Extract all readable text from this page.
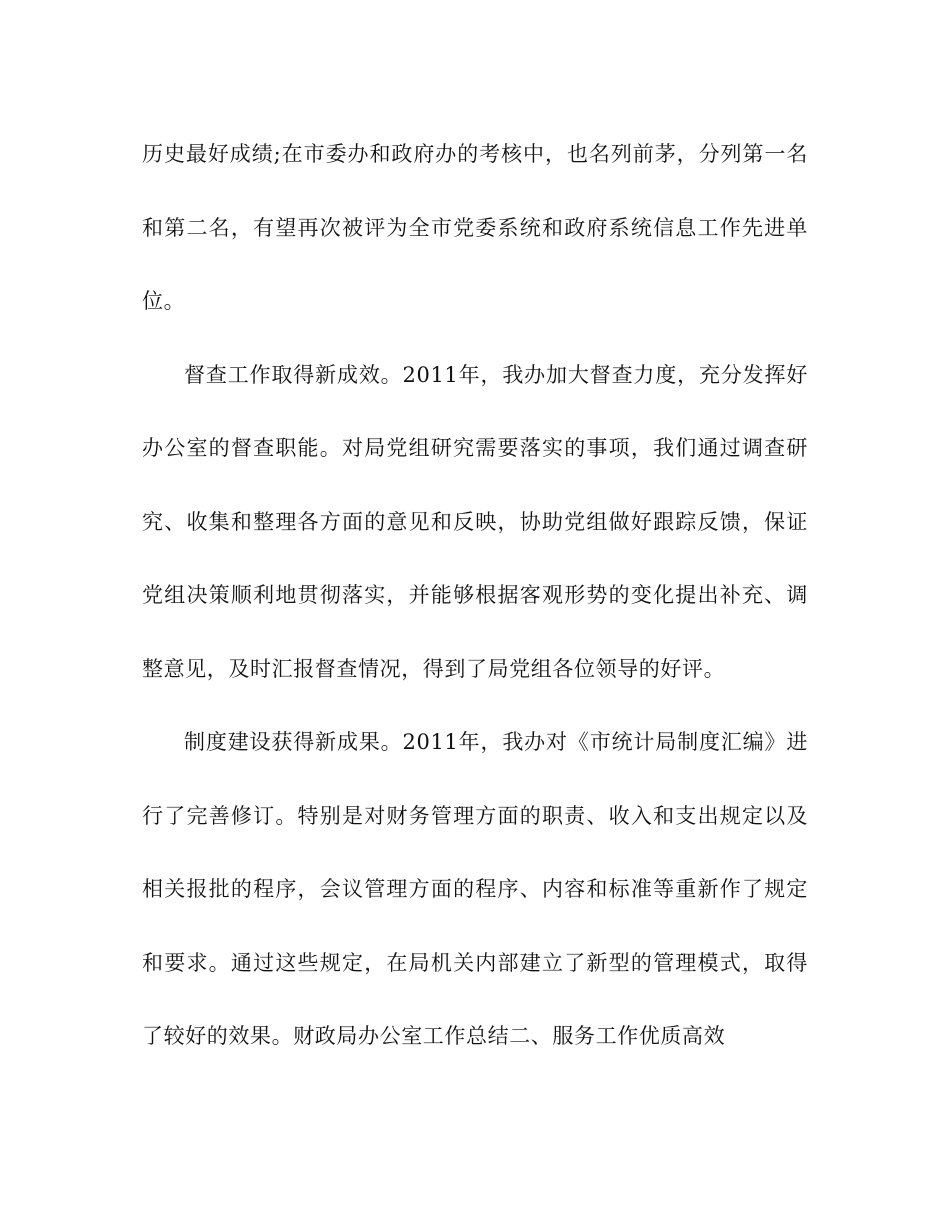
历史最好成绩;在市委办和政府办的考核中，也名列前茅，分列第一名和第二名，有望再次被评为全市党委系统和政府系统信息工作先进单位。

督查工作取得新成效。2011年，我办加大督查力度，充分发挥好办公室的督查职能。对局党组研究需要落实的事项，我们通过调查研究、收集和整理各方面的意见和反映，协助党组做好跟踪反馈，保证党组决策顺利地贯彻落实，并能够根据客观形势的变化提出补充、调整意见，及时汇报督查情况，得到了局党组各位领导的好评。

制度建设获得新成果。2011年，我办对《市统计局制度汇编》进行了完善修订。特别是对财务管理方面的职责、收入和支出规定以及相关报批的程序，会议管理方面的程序、内容和标准等重新作了规定和要求。通过这些规定，在局机关内部建立了新型的管理模式，取得了较好的效果。财政局办公室工作总结二、服务工作优质高效
